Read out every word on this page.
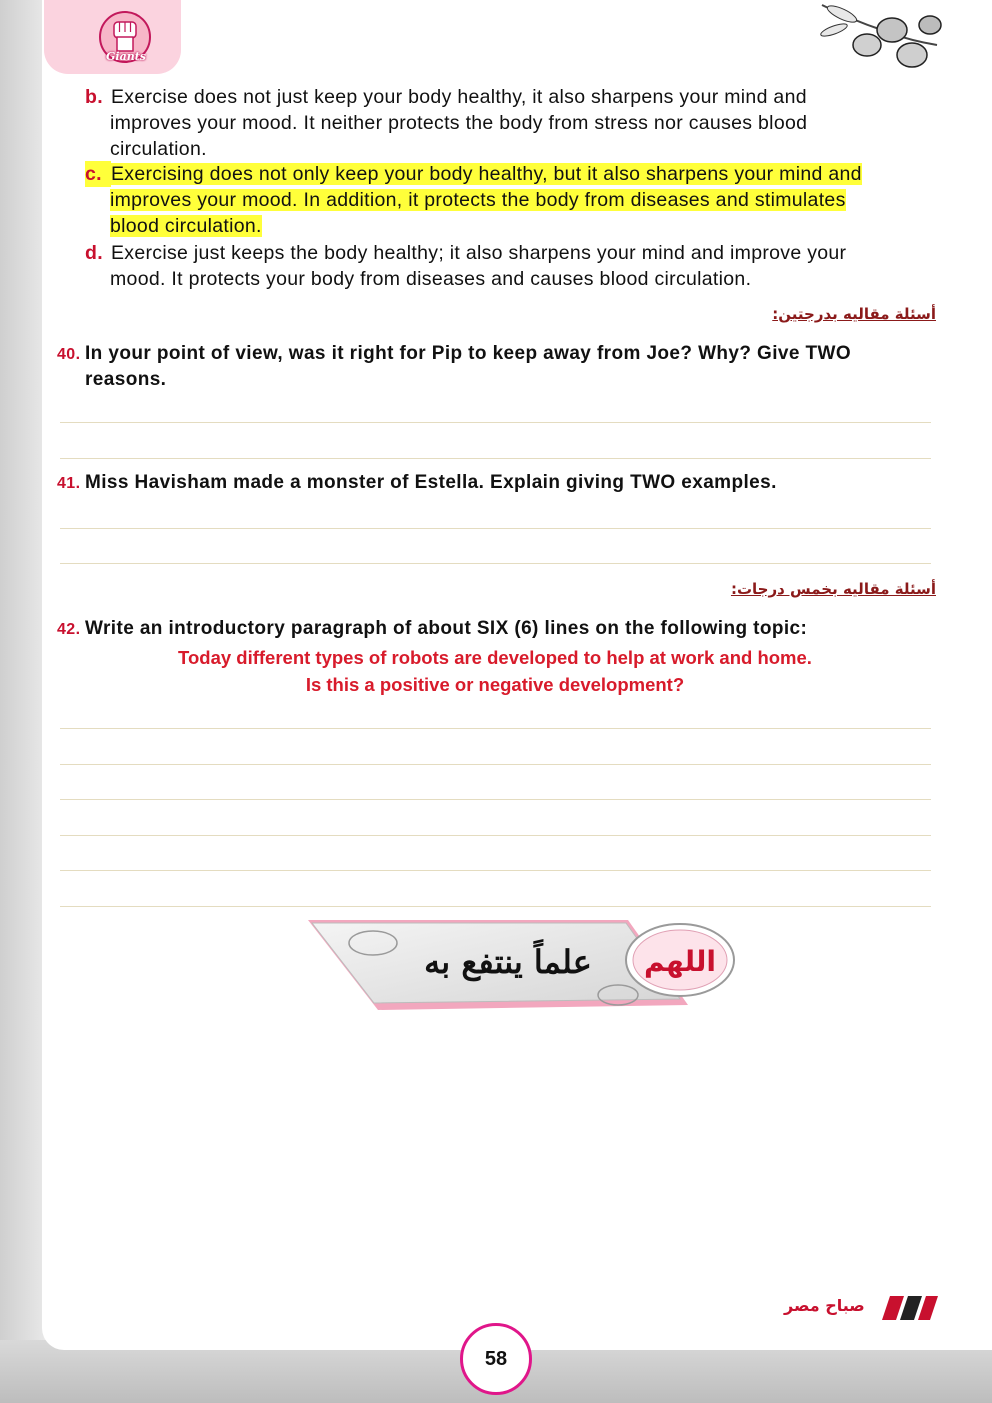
Giants
b. Exercise does not just keep your body healthy, it also sharpens your mind and
improves your mood. It neither protects the body from stress nor causes blood
circulation.
c. Exercising does not only keep your body healthy, but it also sharpens your mind and
improves your mood. In addition, it protects the body from diseases and stimulates
blood circulation.
d. Exercise just keeps the body healthy; it also sharpens your mind and improve your
mood. It protects your body from diseases and causes blood circulation.
أسئلة مقاليه بدرجتين:
40. In your point of view, was it right for Pip to keep away from Joe? Why? Give TWO
reasons.
41. Miss Havisham made a monster of Estella. Explain giving TWO examples.
أسئلة مقاليه بخمس درجات:
42. Write an introductory paragraph of about SIX (6) lines on the following topic:
Today different types of robots are developed to help at work and home.
Is this a positive or negative development?
اللهم
علماً ينتفع به
صباح مصر
58
